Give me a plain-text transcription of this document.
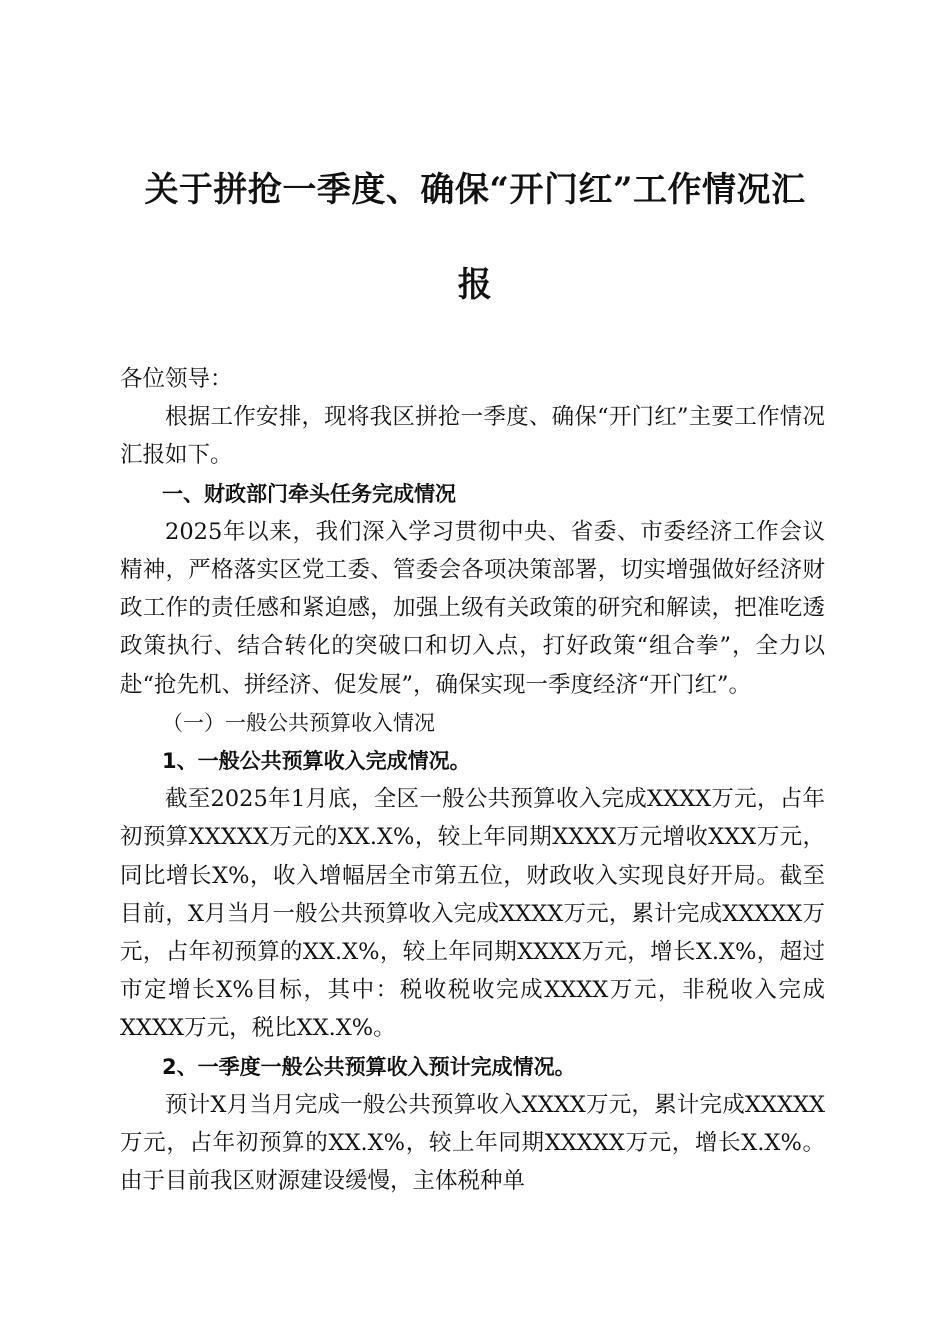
关于拼抢一季度、确保“开门红”工作情况汇
报

各位领导：

根据工作安排，现将我区拼抢一季度、确保“开门红”主要工作情况汇报如下。

一、财政部门牵头任务完成情况

2025年以来，我们深入学习贯彻中央、省委、市委经济工作会议精神，严格落实区党工委、管委会各项决策部署，切实增强做好经济财政工作的责任感和紧迫感，加强上级有关政策的研究和解读，把准吃透政策执行、结合转化的突破口和切入点，打好政策“组合拳”，全力以赴“抢先机、拼经济、促发展”，确保实现一季度经济“开门红”。

（一）一般公共预算收入情况

1、一般公共预算收入完成情况。

截至2025年1月底，全区一般公共预算收入完成XXXX万元，占年初预算XXXXX万元的XX.X%，较上年同期XXXX万元增收XXX万元，同比增长X%，收入增幅居全市第五位，财政收入实现良好开局。截至目前，X月当月一般公共预算收入完成XXXX万元，累计完成XXXXX万元，占年初预算的XX.X%，较上年同期XXXX万元，增长X.X%，超过市定增长X%目标，其中：税收税收完成XXXX万元，非税收入完成XXXX万元，税比XX.X%。

2、一季度一般公共预算收入预计完成情况。

预计X月当月完成一般公共预算收入XXXX万元，累计完成XXXXX万元，占年初预算的XX.X%，较上年同期XXXXX万元，增长X.X%。由于目前我区财源建设缓慢，主体税种单
